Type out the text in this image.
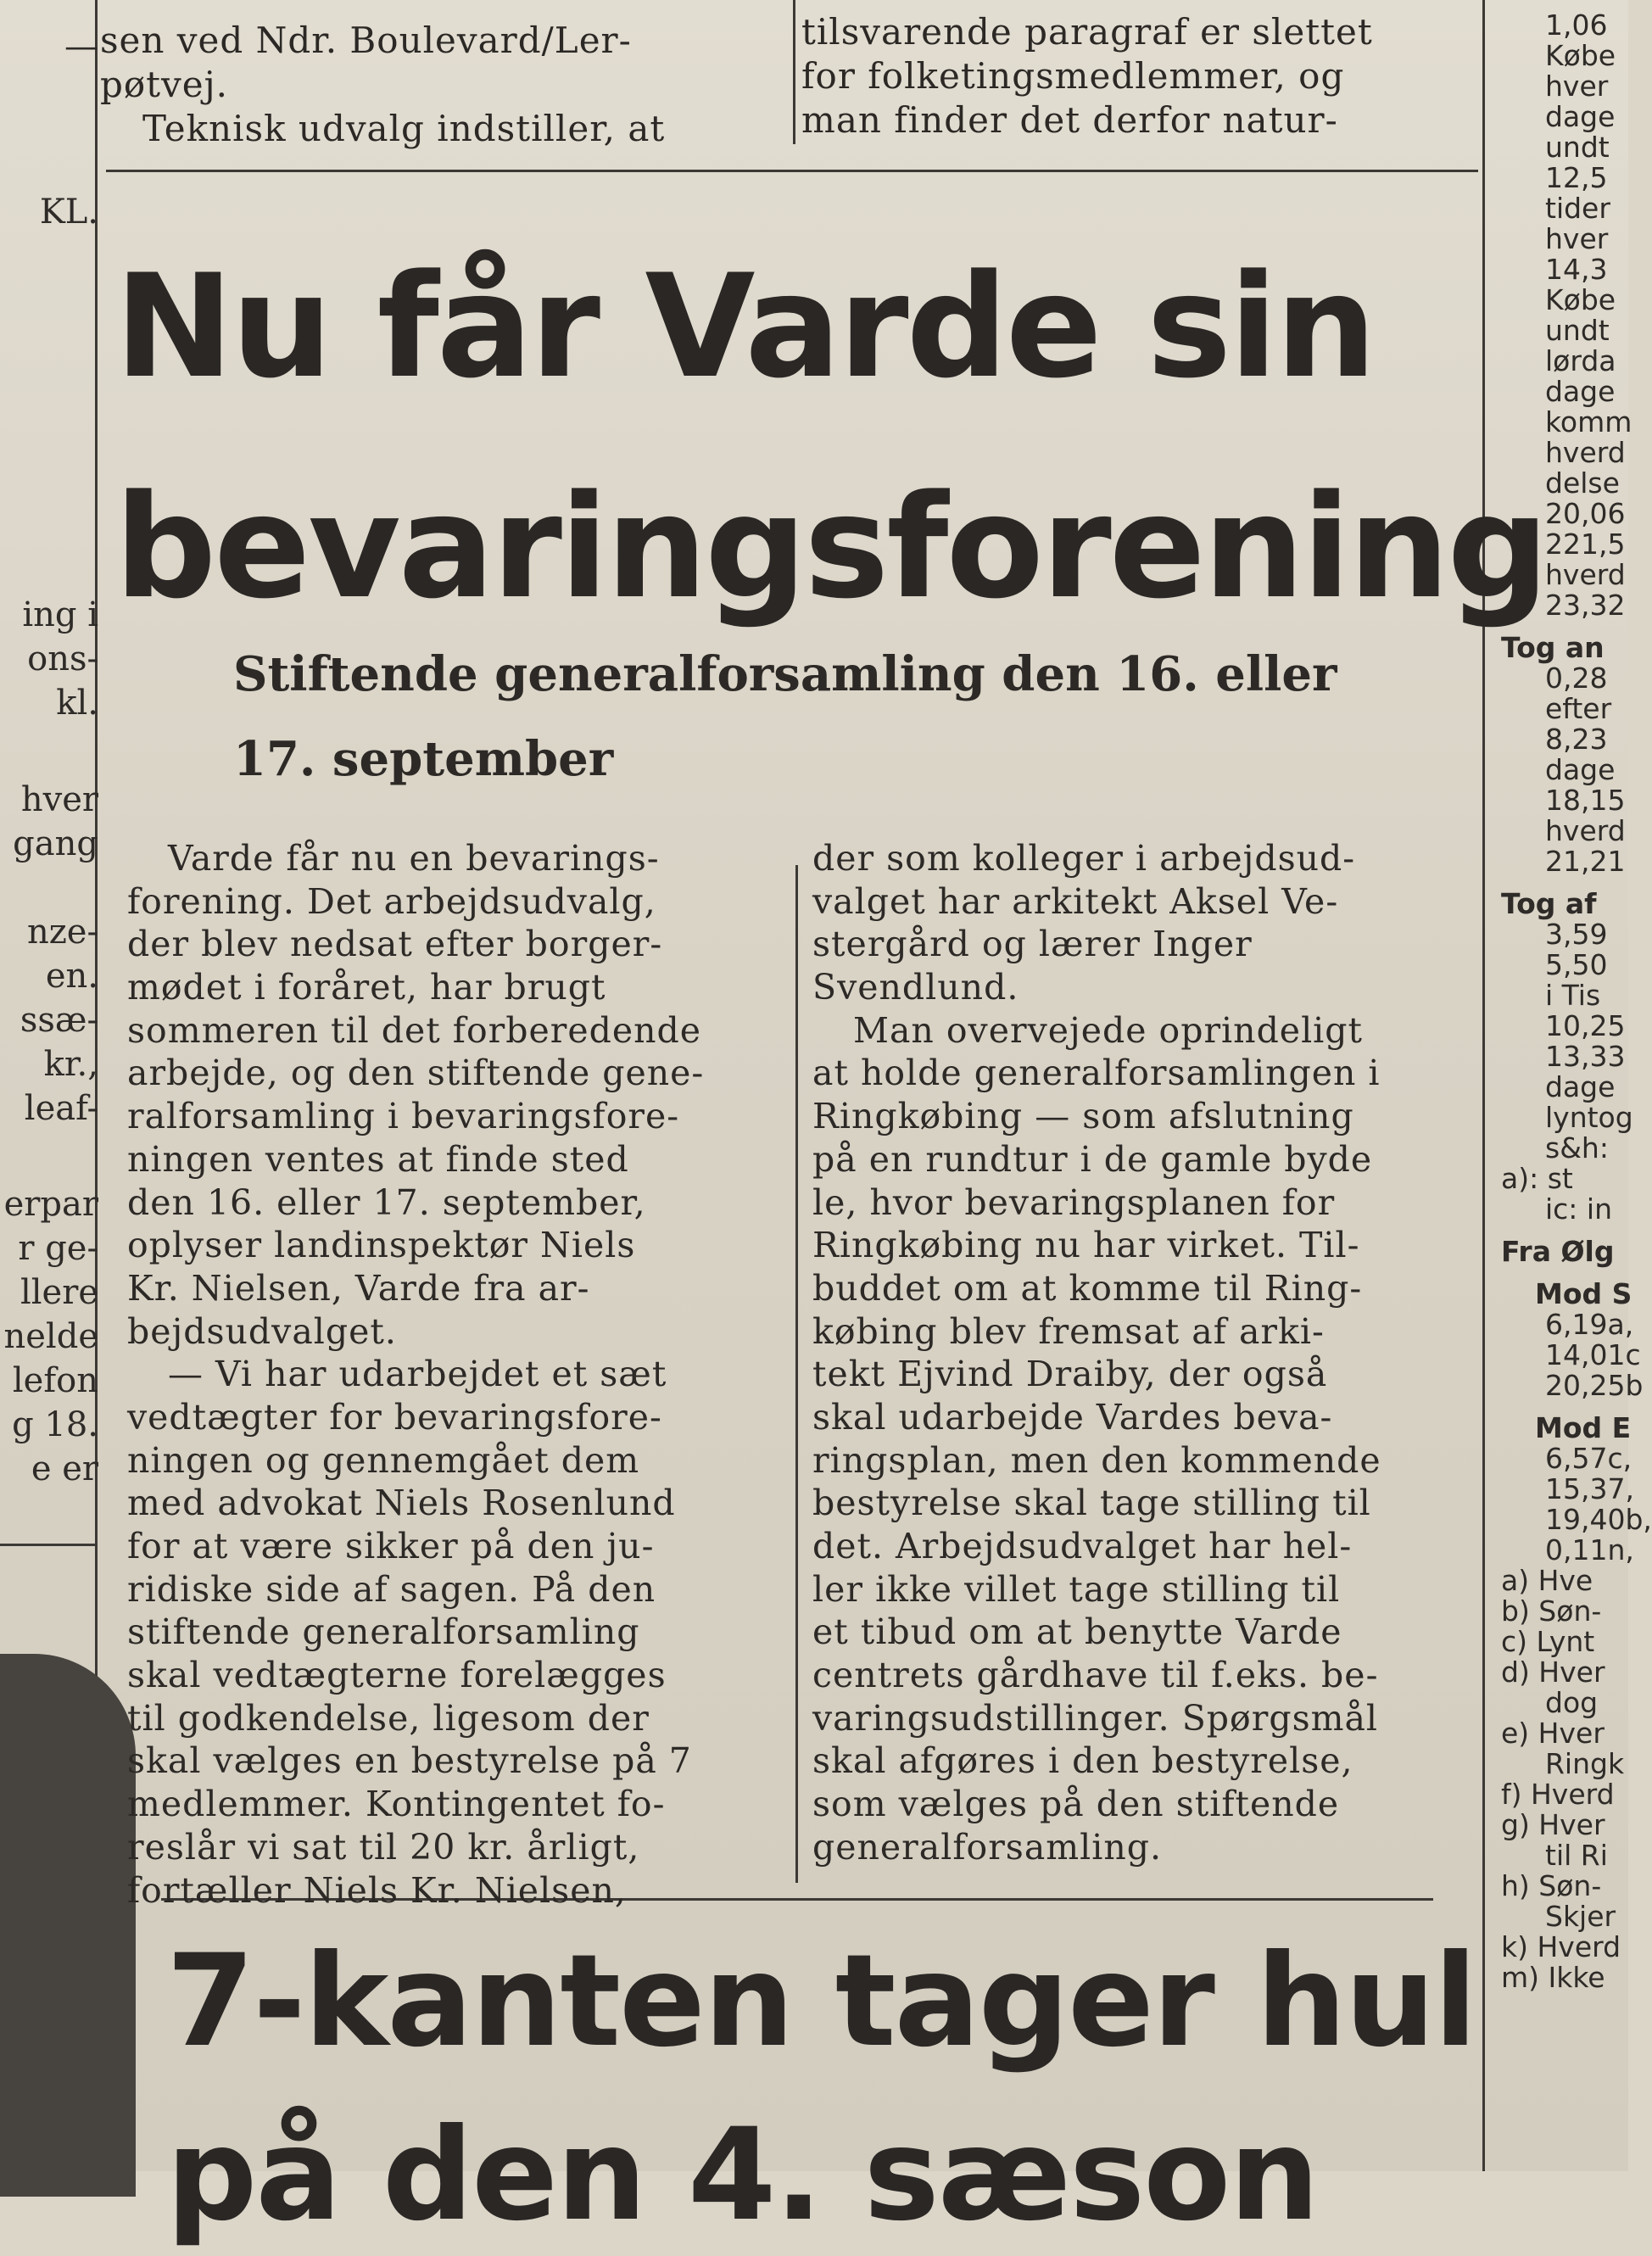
sen ved Ndr. Boulevard/Ler-
pøtvej.
Teknisk udvalg indstiller, at
tilsvarende paragraf er slettet
for folketingsmedlemmer, og
man finder det derfor natur-
—
KL.
ing i
ons-
kl.
hver
gang
nze-
en.
ssæ-
kr.,
leaf-
erpar
r ge-
llere
nelde
lefon
g 18.
e er
Nu får Varde sin
bevaringsforening
Stiftende generalforsamling den 16. eller
17. september
Varde får nu en bevarings-
forening. Det arbejdsudvalg,
der blev nedsat efter borger-
mødet i foråret, har brugt
sommeren til det forberedende
arbejde, og den stiftende gene-
ralforsamling i bevaringsfore-
ningen ventes at finde sted
den 16. eller 17. september,
oplyser landinspektør Niels
Kr. Nielsen, Varde fra ar-
bejdsudvalget.
— Vi har udarbejdet et sæt
vedtægter for bevaringsfore-
ningen og gennemgået dem
med advokat Niels Rosenlund
for at være sikker på den ju-
ridiske side af sagen. På den
stiftende generalforsamling
skal vedtægterne forelægges
til godkendelse, ligesom der
skal vælges en bestyrelse på 7
medlemmer. Kontingentet fo-
reslår vi sat til 20 kr. årligt,
fortæller Niels Kr. Nielsen,
der som kolleger i arbejdsud-
valget har arkitekt Aksel Ve-
stergård og lærer Inger
Svendlund.
Man overvejede oprindeligt
at holde generalforsamlingen i
Ringkøbing — som afslutning
på en rundtur i de gamle byde
le, hvor bevaringsplanen for
Ringkøbing nu har virket. Til-
buddet om at komme til Ring-
købing blev fremsat af arki-
tekt Ejvind Draiby, der også
skal udarbejde Vardes beva-
ringsplan, men den kommende
bestyrelse skal tage stilling til
det. Arbejdsudvalget har hel-
ler ikke villet tage stilling til
et tibud om at benytte Varde
centrets gårdhave til f.eks. be-
varingsudstillinger. Spørgsmål
skal afgøres i den bestyrelse,
som vælges på den stiftende
generalforsamling.
7-kanten tager hul
på den 4. sæson
1,06
Købe
hver
dage
undt
12,5
tider
hver
14,3
Købe
undt
lørda
dage
komm
hverd
delse
20,06
221,5
hverd
23,32
Tog an
0,28
efter
8,23
dage
18,15
hverd
21,21
Tog af
3,59
5,50
i Tis
10,25
13,33
dage
lyntog
s&h:
a): st
ic: in
Fra Ølg
Mod S
6,19a,
14,01c
20,25b
Mod E
6,57c,
15,37,
19,40b,
0,11n,
a) Hve
b) Søn-
c) Lynt
d) Hver
dog
e) Hver
Ringk
f) Hverd
g) Hver
til Ri
h) Søn-
Skjer
k) Hverd
m) Ikke
